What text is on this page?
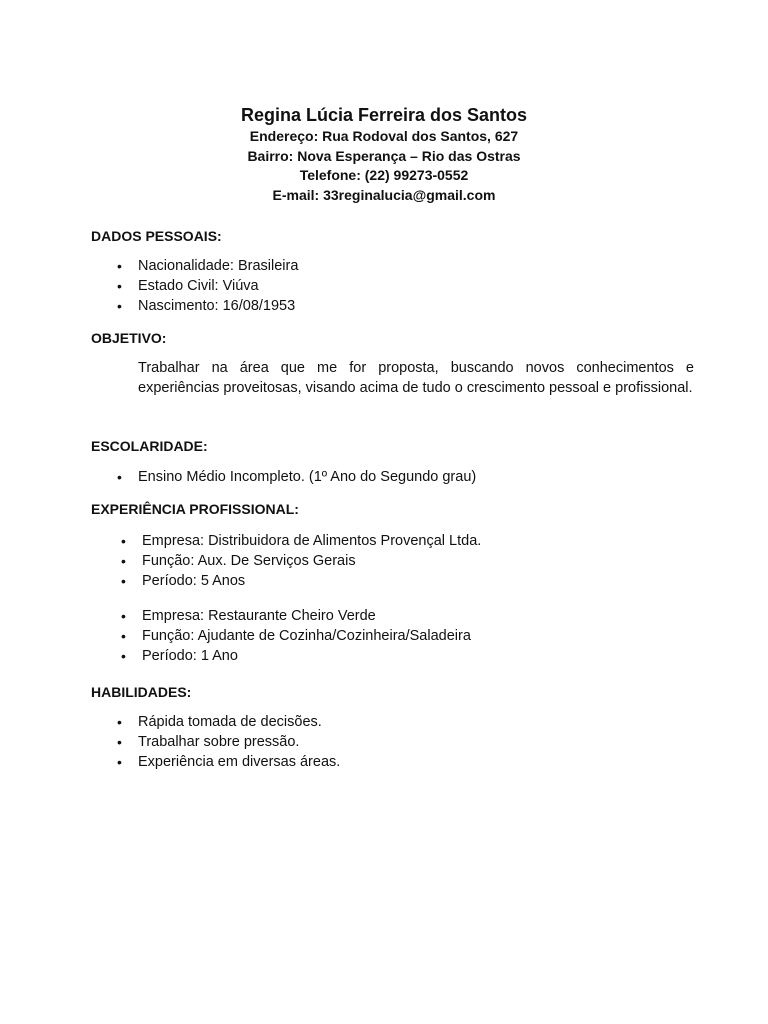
Regina Lúcia Ferreira dos Santos

Endereço: Rua Rodoval dos Santos, 627

Bairro: Nova Esperança – Rio das Ostras

Telefone: (22) 99273-0552

E-mail: 33reginalucia@gmail.com

DADOS PESSOAIS:

• Nacionalidade: Brasileira
• Estado Civil: Viúva
• Nascimento: 16/08/1953

OBJETIVO:

Trabalhar na área que me for proposta, buscando novos conhecimentos e experiências proveitosas, visando acima de tudo o crescimento pessoal e profissional.

ESCOLARIDADE:

• Ensino Médio Incompleto. (1º Ano do Segundo grau)

EXPERIÊNCIA PROFISSIONAL:

• Empresa: Distribuidora de Alimentos Provençal Ltda.
• Função: Aux. De Serviços Gerais
• Período: 5 Anos
• Empresa: Restaurante Cheiro Verde
• Função: Ajudante de Cozinha/Cozinheira/Saladeira
• Período: 1 Ano

HABILIDADES:

• Rápida tomada de decisões.
• Trabalhar sobre pressão.
• Experiência em diversas áreas.
